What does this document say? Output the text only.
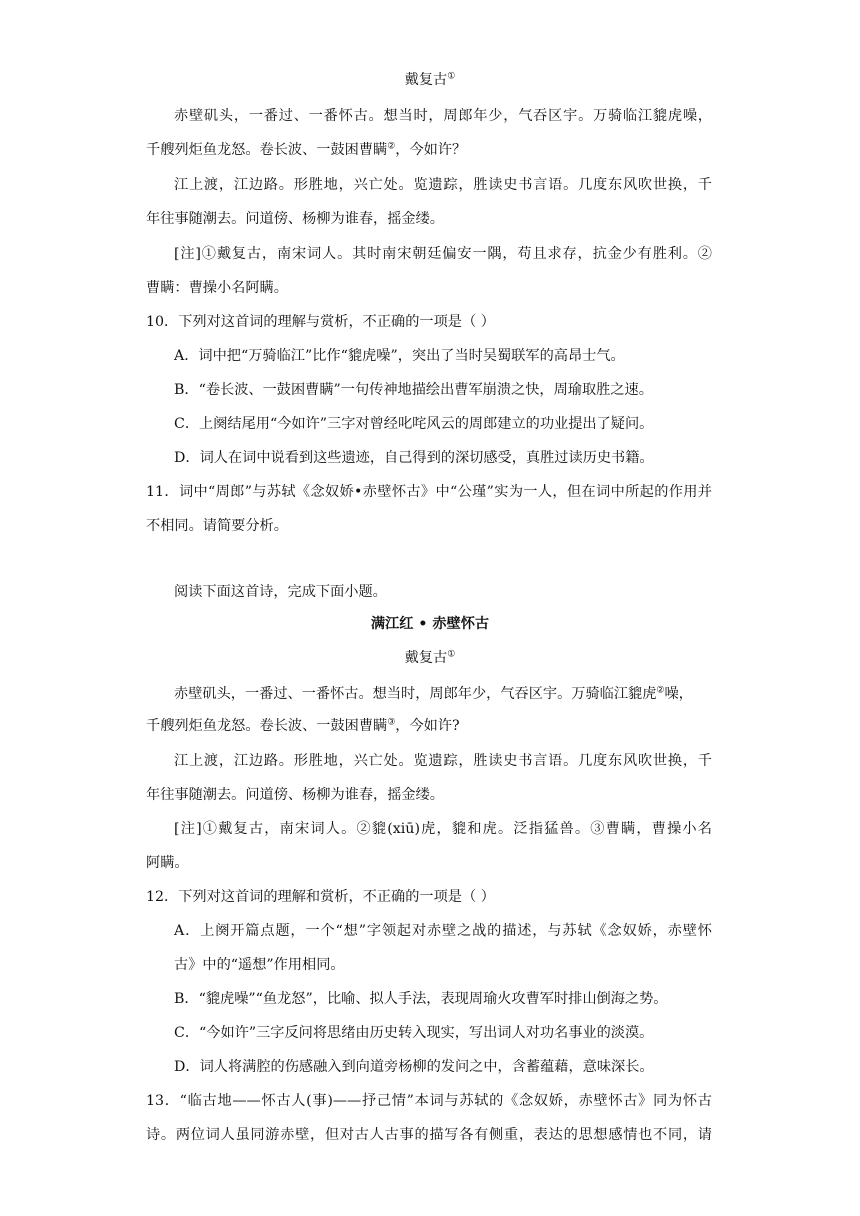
戴复古①
赤壁矶头，一番过、一番怀古。想当时，周郎年少，气吞区宇。万骑临江貔虎噪，
千艘列炬鱼龙怒。卷长波、一鼓困曹瞒②，今如许？
江上渡，江边路。形胜地，兴亡处。览遗踪，胜读史书言语。几度东风吹世换，千
年往事随潮去。问道傍、杨柳为谁春，摇金缕。
[注]①戴复古，南宋词人。其时南宋朝廷偏安一隅，苟且求存，抗金少有胜利。②
曹瞒：曹操小名阿瞒。
10．下列对这首词的理解与赏析，不正确的一项是（ ）
A．词中把“万骑临江”比作“貔虎噪”，突出了当时吴蜀联军的高昂士气。
B．“卷长波、一鼓困曹瞒”一句传神地描绘出曹军崩溃之快，周瑜取胜之速。
C．上阕结尾用“今如许”三字对曾经叱咤风云的周郎建立的功业提出了疑问。
D．词人在词中说看到这些遗迹，自己得到的深切感受，真胜过读历史书籍。
11．词中“周郎”与苏轼《念奴娇•赤壁怀古》中“公瑾”实为一人，但在词中所起的作用并
不相同。请简要分析。
阅读下面这首诗，完成下面小题。
满江红 • 赤壁怀古
戴复古①
赤壁矶头，一番过、一番怀古。想当时，周郎年少，气吞区宇。万骑临江貔虎②噪，
千艘列炬鱼龙怒。卷长波、一鼓困曹瞒③，今如许?
江上渡，江边路。形胜地，兴亡处。览遗踪，胜读史书言语。几度东风吹世换，千
年往事随潮去。问道傍、杨柳为谁春，摇金缕。
[注]①戴复古，南宋词人。②貔(xiū)虎，貔和虎。泛指猛兽。③曹瞒，曹操小名
阿瞒。
12．下列对这首词的理解和赏析，不正确的一项是（ ）
A．上阕开篇点题，一个“想”字领起对赤壁之战的描述，与苏轼《念奴娇，赤壁怀
古》中的“遥想”作用相同。
B．“貔虎噪”“鱼龙怒”，比喻、拟人手法，表现周瑜火攻曹军时排山倒海之势。
C．“今如许”三字反问将思绪由历史转入现实，写出词人对功名事业的淡漠。
D．词人将满腔的伤感融入到向道旁杨柳的发问之中，含蓄蕴藉，意味深长。
13．“临古地——怀古人(事)——抒己情”本词与苏轼的《念奴娇，赤壁怀古》同为怀古
诗。两位词人虽同游赤壁，但对古人古事的描写各有侧重，表达的思想感情也不同，请
